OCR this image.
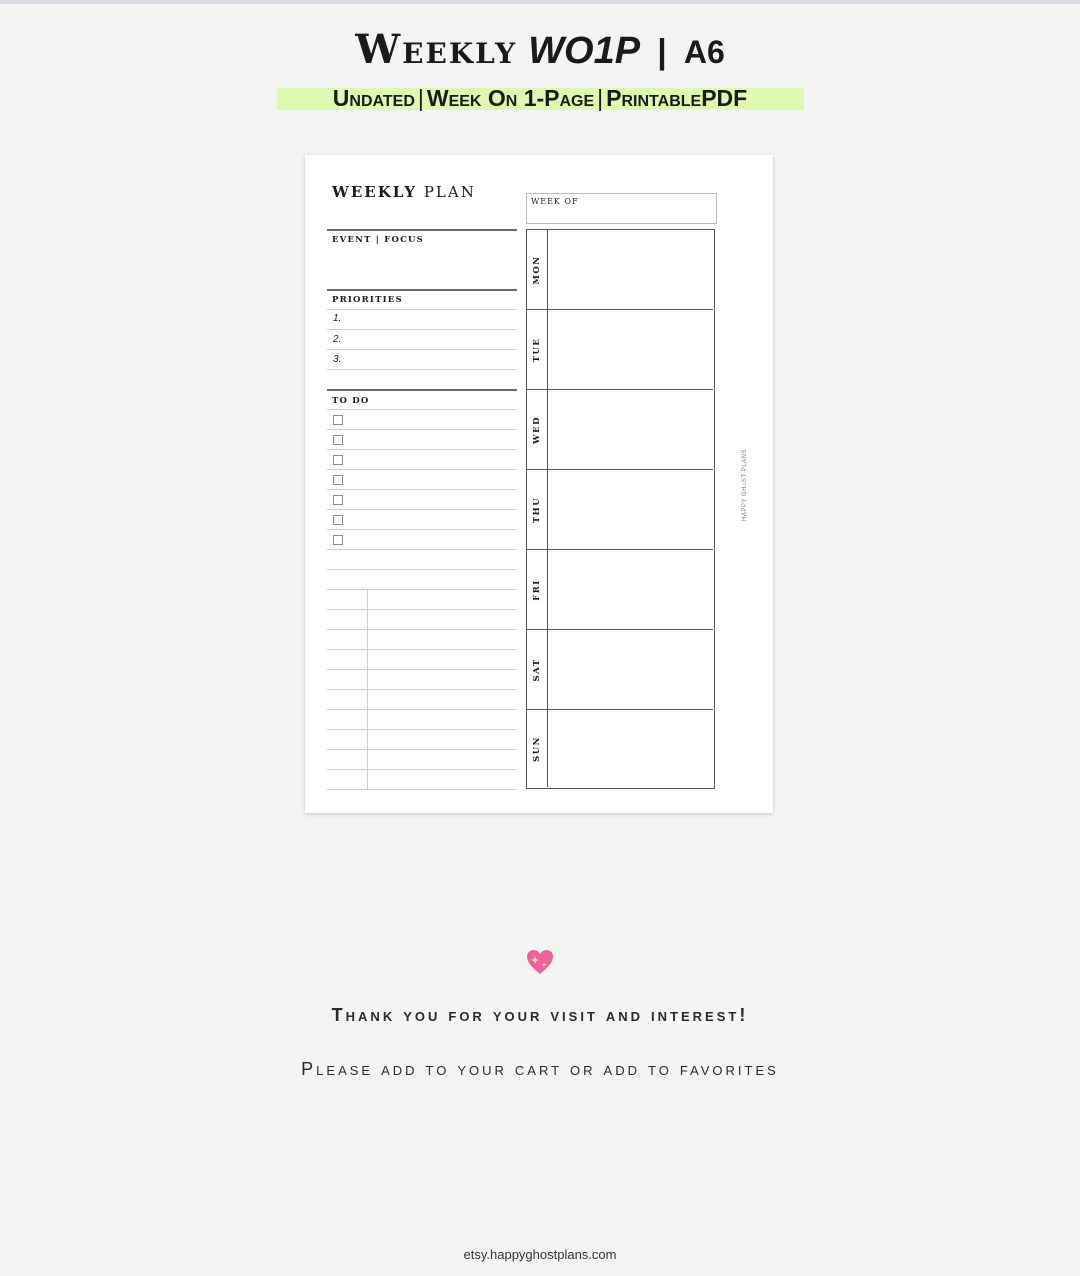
Weekly WO1P | A6
Undated | Week On 1-Page | PrintablePDF
WEEKLY PLAN
WEEK OF
EVENT | FOCUS
PRIORITIES
1.
2.
3.
TO DO
MON
TUE
WED
THU
FRI
SAT
SUN
HAPPY GH⌂ST PLANS
Thank you for your visit and interest!
Please add to your cart or add to favorites
etsy.happyghostplans.com
